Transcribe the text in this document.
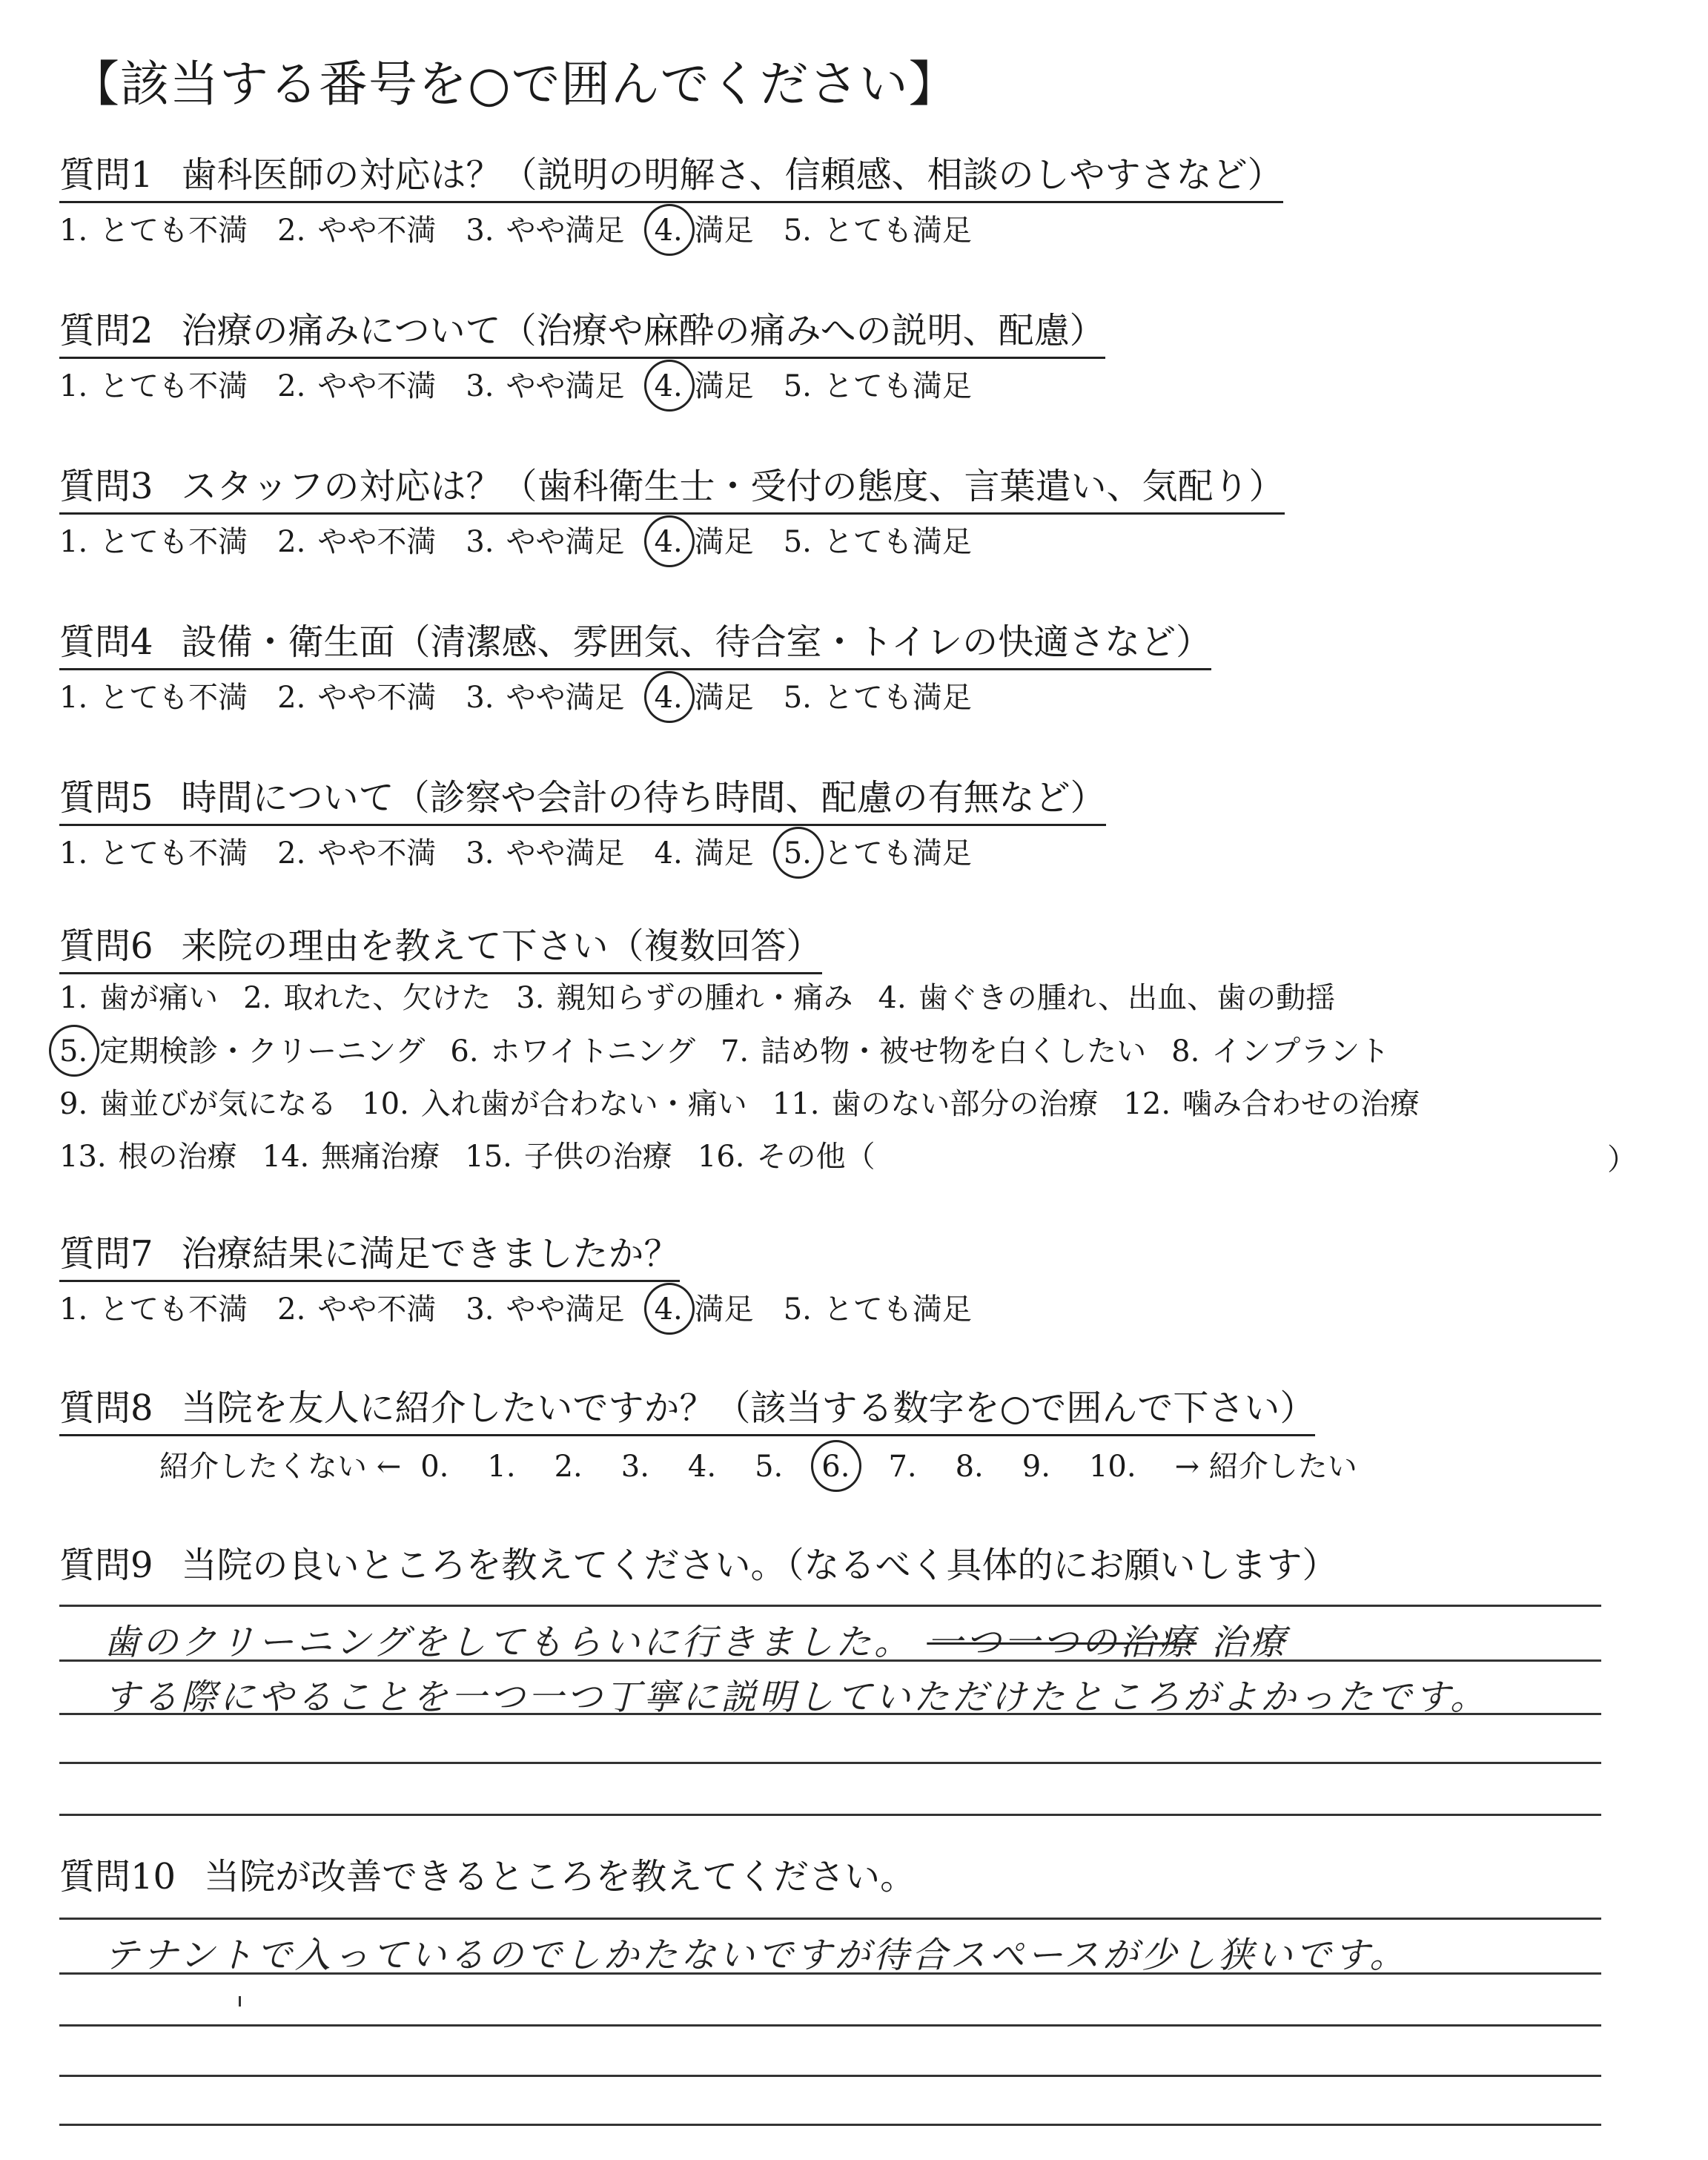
【該当する番号を○で囲んでください】
質問1 歯科医師の対応は？（説明の明解さ、信頼感、相談のしやすさなど）
1. とても不満 2. やや不満 3. やや満足 4. 満足 5. とても満足
質問2 治療の痛みについて（治療や麻酔の痛みへの説明、配慮）
1. とても不満 2. やや不満 3. やや満足 4. 満足 5. とても満足
質問3 スタッフの対応は？（歯科衛生士・受付の態度、言葉遣い、気配り）
1. とても不満 2. やや不満 3. やや満足 4. 満足 5. とても満足
質問4 設備・衛生面（清潔感、雰囲気、待合室・トイレの快適さなど）
1. とても不満 2. やや不満 3. やや満足 4. 満足 5. とても満足
質問5 時間について（診察や会計の待ち時間、配慮の有無など）
1. とても不満 2. やや不満 3. やや満足 4. 満足 5. とても満足
質問6 来院の理由を教えて下さい（複数回答）
1. 歯が痛い 2. 取れた、欠けた 3. 親知らずの腫れ・痛み 4. 歯ぐきの腫れ、出血、歯の動揺
5. 定期検診・クリーニング 6. ホワイトニング 7. 詰め物・被せ物を白くしたい 8. インプラント
9. 歯並びが気になる 10. 入れ歯が合わない・痛い 11. 歯のない部分の治療 12. 噛み合わせの治療
13. 根の治療 14. 無痛治療 15. 子供の治療 16. その他（	）
質問7 治療結果に満足できましたか？
1. とても不満 2. やや不満 3. やや満足 4. 満足 5. とても満足
質問8 当院を友人に紹介したいですか？（該当する数字を○で囲んで下さい）
紹介したくない ← 0. 1. 2. 3. 4. 5. 6. 7. 8. 9. 10. → 紹介したい
質問9 当院の良いところを教えてください。（なるべく具体的にお願いします）
歯のクリーニングをしてもらいに行きました。 一つ一つの治療 治療
する際にやることを一つ一つ丁寧に説明していただけたところがよかったです。
質問10 当院が改善できるところを教えてください。
テナントで入っているのでしかたないですが待合スペースが少し狭いです。
